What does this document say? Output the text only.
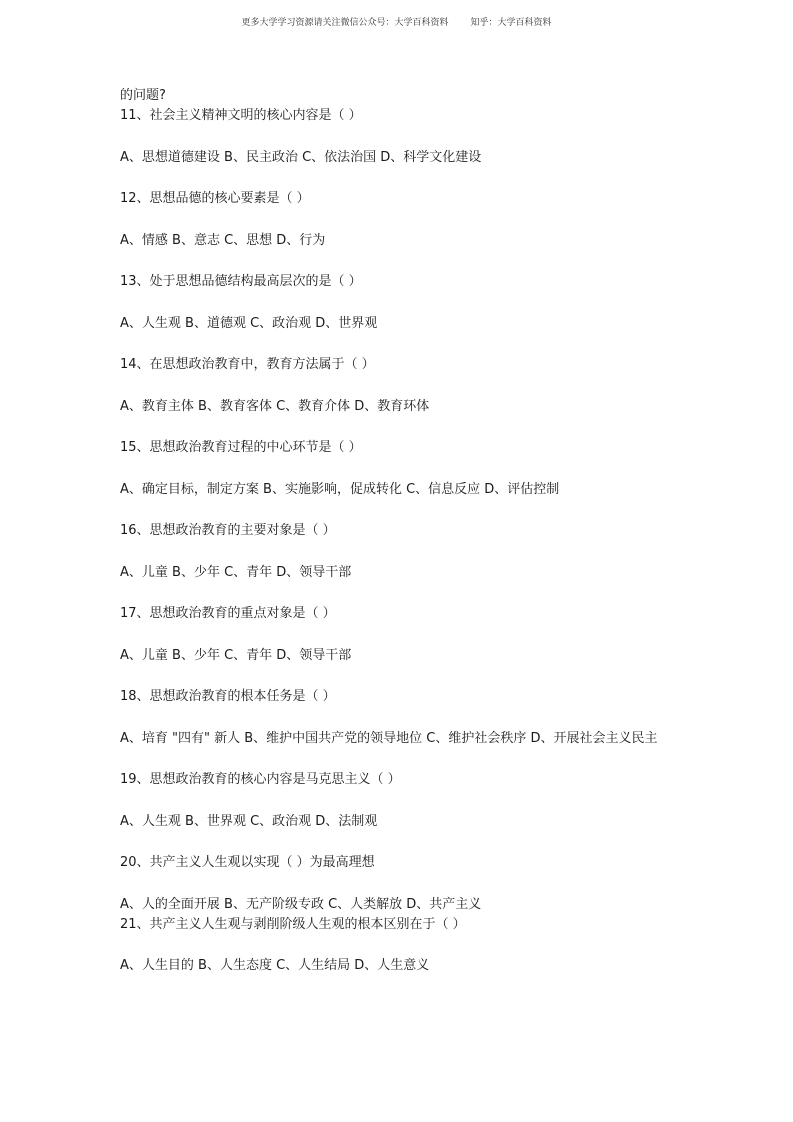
更多大学学习资源请关注微信公众号：大学百科资料 知乎：大学百科资料
的问题?
11、社会主义精神文明的核心内容是（ ）
A、思想道德建设 B、民主政治 C、依法治国 D、科学文化建设
12、思想品德的核心要素是（ ）
A、情感 B、意志 C、思想 D、行为
13、处于思想品德结构最高层次的是（ ）
A、人生观 B、道德观 C、政治观 D、世界观
14、在思想政治教育中，教育方法属于（ ）
A、教育主体 B、教育客体 C、教育介体 D、教育环体
15、思想政治教育过程的中心环节是（ ）
A、确定目标，制定方案 B、实施影响，促成转化 C、信息反应 D、评估控制
16、思想政治教育的主要对象是（ ）
A、儿童 B、少年 C、青年 D、领导干部
17、思想政治教育的重点对象是（ ）
A、儿童 B、少年 C、青年 D、领导干部
18、思想政治教育的根本任务是（ ）
A、培育 "四有" 新人 B、维护中国共产党的领导地位 C、维护社会秩序 D、开展社会主义民主
19、思想政治教育的核心内容是马克思主义（ ）
A、人生观 B、世界观 C、政治观 D、法制观
20、共产主义人生观以实现（ ）为最高理想
A、人的全面开展 B、无产阶级专政 C、人类解放 D、共产主义
21、共产主义人生观与剥削阶级人生观的根本区别在于（ ）
A、人生目的 B、人生态度 C、人生结局 D、人生意义
